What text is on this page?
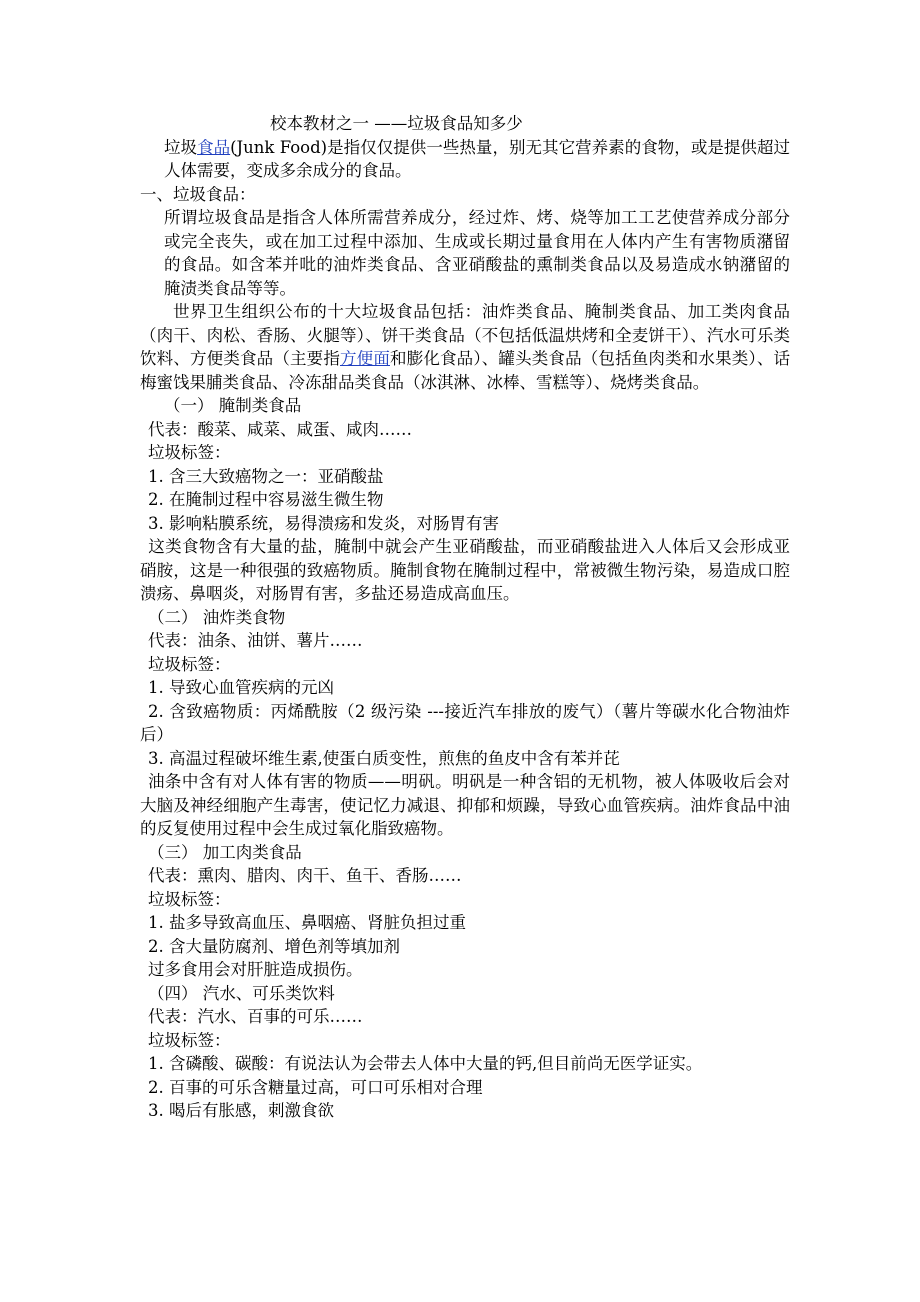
校本教材之一 ——垃圾食品知多少

垃圾食品(Junk Food)是指仅仅提供一些热量，别无其它营养素的食物，或是提供超过人体需要，变成多余成分的食品。

一、垃圾食品：

所谓垃圾食品是指含人体所需营养成分，经过炸、烤、烧等加工工艺使营养成分部分或完全丧失，或在加工过程中添加、生成或长期过量食用在人体内产生有害物质潴留的食品。如含苯并吡的油炸类食品、含亚硝酸盐的熏制类食品以及易造成水钠潴留的腌渍类食品等等。

世界卫生组织公布的十大垃圾食品包括：油炸类食品、腌制类食品、加工类肉食品（肉干、肉松、香肠、火腿等）、饼干类食品（不包括低温烘烤和全麦饼干）、汽水可乐类饮料、方便类食品（主要指方便面和膨化食品）、罐头类食品（包括鱼肉类和水果类）、话梅蜜饯果脯类食品、冷冻甜品类食品（冰淇淋、冰棒、雪糕等）、烧烤类食品。

（一） 腌制类食品

代表：酸菜、咸菜、咸蛋、咸肉……

垃圾标签：

1. 含三大致癌物之一：亚硝酸盐

2. 在腌制过程中容易滋生微生物

3. 影响粘膜系统，易得溃疡和发炎，对肠胃有害

这类食物含有大量的盐，腌制中就会产生亚硝酸盐，而亚硝酸盐进入人体后又会形成亚硝胺，这是一种很强的致癌物质。腌制食物在腌制过程中，常被微生物污染，易造成口腔溃疡、鼻咽炎，对肠胃有害，多盐还易造成高血压。

（二） 油炸类食物

代表：油条、油饼、薯片……

垃圾标签：

1. 导致心血管疾病的元凶

2. 含致癌物质：丙烯酰胺（2 级污染 ---接近汽车排放的废气）（薯片等碳水化合物油炸后）

3. 高温过程破坏维生素,使蛋白质变性，煎焦的鱼皮中含有苯并芘

油条中含有对人体有害的物质——明矾。明矾是一种含铝的无机物，被人体吸收后会对大脑及神经细胞产生毒害，使记忆力减退、抑郁和烦躁，导致心血管疾病。油炸食品中油的反复使用过程中会生成过氧化脂致癌物。

（三） 加工肉类食品

代表：熏肉、腊肉、肉干、鱼干、香肠……

垃圾标签：

1. 盐多导致高血压、鼻咽癌、肾脏负担过重

2. 含大量防腐剂、增色剂等填加剂

过多食用会对肝脏造成损伤。

（四） 汽水、可乐类饮料

代表：汽水、百事的可乐……

垃圾标签：

1. 含磷酸、碳酸：有说法认为会带去人体中大量的钙,但目前尚无医学证实。

2. 百事的可乐含糖量过高，可口可乐相对合理

3. 喝后有胀感，刺激食欲
